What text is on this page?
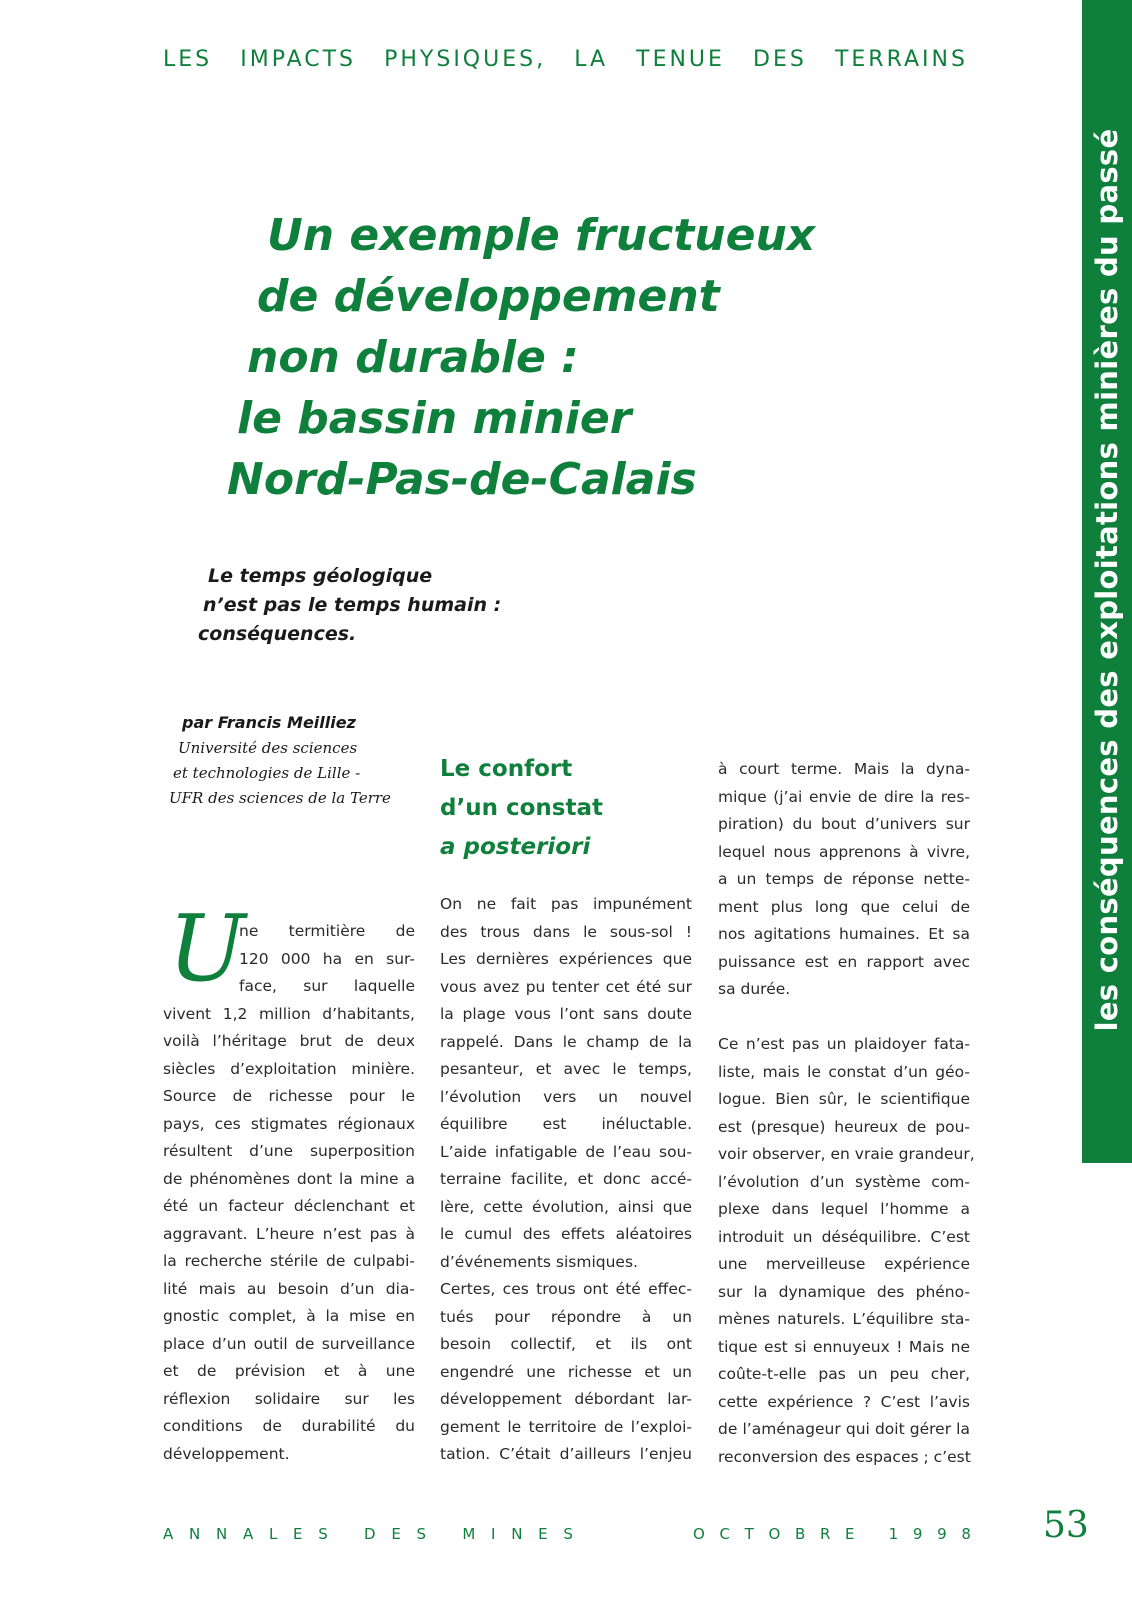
LES IMPACTS PHYSIQUES, LA TENUE DES TERRAINS
les conséquences des exploitations minières du passé
Un exemple fructueux
de développement
non durable :
le bassin minier
Nord-Pas-de-Calais
Le temps géologique
n’est pas le temps humain :
conséquences.
par Francis Meilliez
Université des sciences
et technologies de Lille -
UFR des sciences de la Terre
Le confort
d’un constat
a posteriori
U
ne termitière de
120 000 ha en sur-
face, sur laquelle
vivent 1,2 million d’habitants,
voilà l’héritage brut de deux
siècles d’exploitation minière.
Source de richesse pour le
pays, ces stigmates régionaux
résultent d’une superposition
de phénomènes dont la mine a
été un facteur déclenchant et
aggravant. L’heure n’est pas à
la recherche stérile de culpabi-
lité mais au besoin d’un dia-
gnostic complet, à la mise en
place d’un outil de surveillance
et de prévision et à une
réflexion solidaire sur les
conditions de durabilité du
développement.
On ne fait pas impunément
des trous dans le sous-sol !
Les dernières expériences que
vous avez pu tenter cet été sur
la plage vous l’ont sans doute
rappelé. Dans le champ de la
pesanteur, et avec le temps,
l’évolution vers un nouvel
équilibre est inéluctable.
L’aide infatigable de l’eau sou-
terraine facilite, et donc accé-
lère, cette évolution, ainsi que
le cumul des effets aléatoires
d’événements sismiques.
Certes, ces trous ont été effec-
tués pour répondre à un
besoin collectif, et ils ont
engendré une richesse et un
développement débordant lar-
gement le territoire de l’exploi-
tation. C’était d’ailleurs l’enjeu
à court terme. Mais la dyna-
mique (j’ai envie de dire la res-
piration) du bout d’univers sur
lequel nous apprenons à vivre,
a un temps de réponse nette-
ment plus long que celui de
nos agitations humaines. Et sa
puissance est en rapport avec
sa durée.
Ce n’est pas un plaidoyer fata-
liste, mais le constat d’un géo-
logue. Bien sûr, le scientifique
est (presque) heureux de pou-
voir observer, en vraie grandeur,
l’évolution d’un système com-
plexe dans lequel l’homme a
introduit un déséquilibre. C’est
une merveilleuse expérience
sur la dynamique des phéno-
mènes naturels. L’équilibre sta-
tique est si ennuyeux ! Mais ne
coûte-t-elle pas un peu cher,
cette expérience ? C’est l’avis
de l’aménageur qui doit gérer la
reconversion des espaces ; c’est
A N N A L E S
D E S
M I N E S	O C T O B R E
1 9 9 8 53
